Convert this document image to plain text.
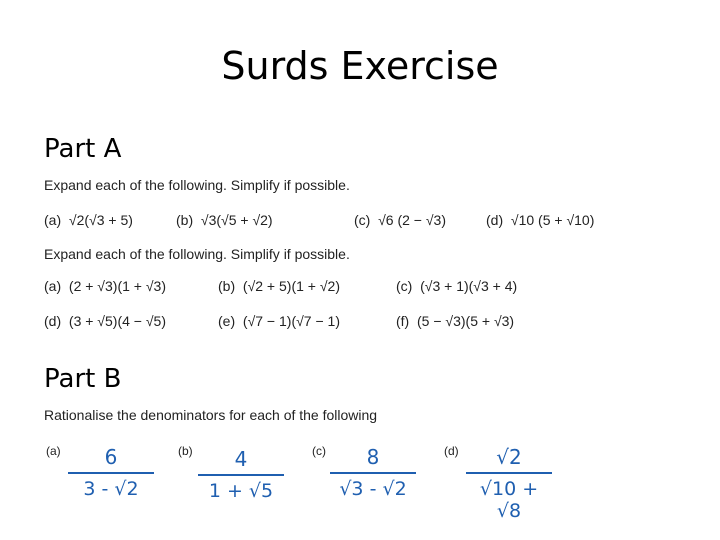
Surds Exercise
Part A
Expand each of the following. Simplify if possible.
(a) √2(√3 + 5)	(b) √3(√5 + √2)	(c) √6 (2 − √3)	(d) √10 (5 + √10)
Expand each of the following. Simplify if possible.
(a) (2 + √3)(1 + √3)	(b) (√2 + 5)(1 + √2)	(c) (√3 + 1)(√3 + 4)
(d) (3 + √5)(4 − √5)	(e) (√7 − 1)(√7 − 1)	(f) (5 − √3)(5 + √3)
Part B
Rationalise the denominators for each of the following
(a)	6
3 - √2
(b)	4
1 + √5
(c)	8
√3 - √2
(d)	√2
√10 + √8
